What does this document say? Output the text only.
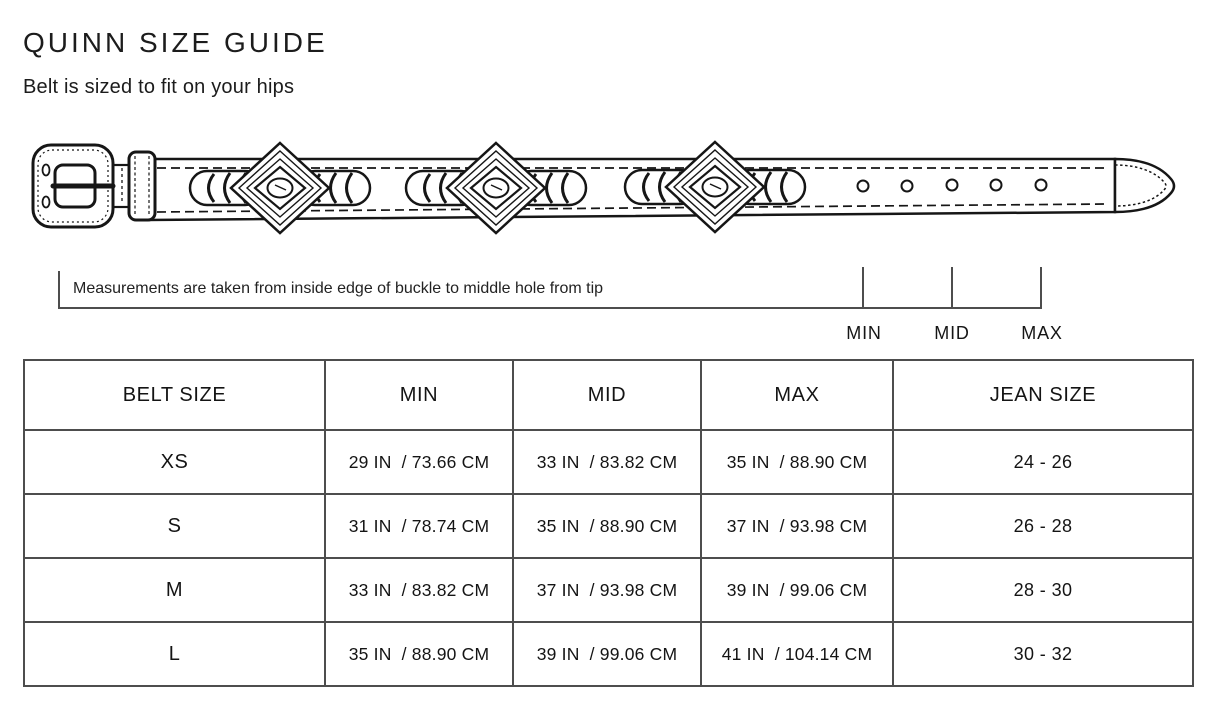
QUINN SIZE GUIDE
Belt is sized to fit on your hips
Measurements are taken from inside edge of buckle to middle hole from tip
MIN	MID	MAX
BELT SIZE	MIN	MID	MAX	JEAN SIZE
XS	29 IN  / 73.66 CM	33 IN  / 83.82 CM	35 IN  / 88.90 CM	24 - 26
S	31 IN  / 78.74 CM	35 IN  / 88.90 CM	37 IN  / 93.98 CM	26 - 28
M	33 IN  / 83.82 CM	37 IN  / 93.98 CM	39 IN  / 99.06 CM	28 - 30
L	35 IN  / 88.90 CM	39 IN  / 99.06 CM	41 IN  / 104.14 CM	30 - 32
